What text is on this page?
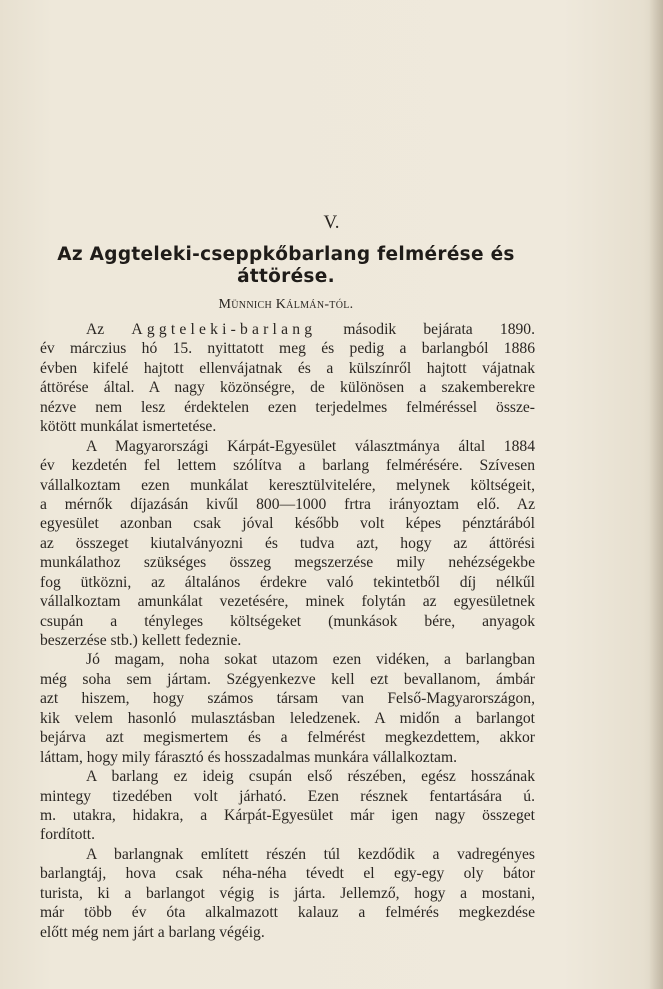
V.
Az Aggteleki-cseppkőbarlang felmérése és
áttörése.
Münnich Kálmán-tól.
Az Aggteleki-barlang második bejárata 1890.
év márczius hó 15. nyittatott meg és pedig a barlangból 1886
évben kifelé hajtott ellenvájatnak és a külszínről hajtott vájatnak
áttörése által. A nagy közönségre, de különösen a szakemberekre
nézve nem lesz érdektelen ezen terjedelmes felméréssel össze-
kötött munkálat ismertetése.
A Magyarországi Kárpát-Egyesület választmánya által 1884
év kezdetén fel lettem szólítva a barlang felmérésére. Szívesen
vállalkoztam ezen munkálat keresztülvitelére, melynek költségeit,
a mérnők díjazásán kivűl 800—1000 frtra irányoztam elő. Az
egyesület azonban csak jóval később volt képes pénztárából
az összeget kiutalványozni és tudva azt, hogy az áttörési
munkálathoz szükséges összeg megszerzése mily nehézségekbe
fog ütközni, az általános érdekre való tekintetből díj nélkűl
vállalkoztam amunkálat vezetésére, minek folytán az egyesületnek
csupán a tényleges költségeket (munkások bére, anyagok
beszerzése stb.) kellett fedeznie.
Jó magam, noha sokat utazom ezen vidéken, a barlangban
még soha sem jártam. Szégyenkezve kell ezt bevallanom, ámbár
azt hiszem, hogy számos társam van Felső-Magyarországon,
kik velem hasonló mulasztásban leledzenek. A midőn a barlangot
bejárva azt megismertem és a felmérést megkezdettem, akkor
láttam, hogy mily fárasztó és hosszadalmas munkára vállalkoztam.
A barlang ez ideig csupán első részében, egész hosszának
mintegy tizedében volt járható. Ezen résznek fentartására ú.
m. utakra, hidakra, a Kárpát-Egyesület már igen nagy összeget
fordított.
A barlangnak említett részén túl kezdődik a vadregényes
barlangtáj, hova csak néha-néha tévedt el egy-egy oly bátor
turista, ki a barlangot végig is járta. Jellemző, hogy a mostani,
már több év óta alkalmazott kalauz a felmérés megkezdése
előtt még nem járt a barlang végéig.
